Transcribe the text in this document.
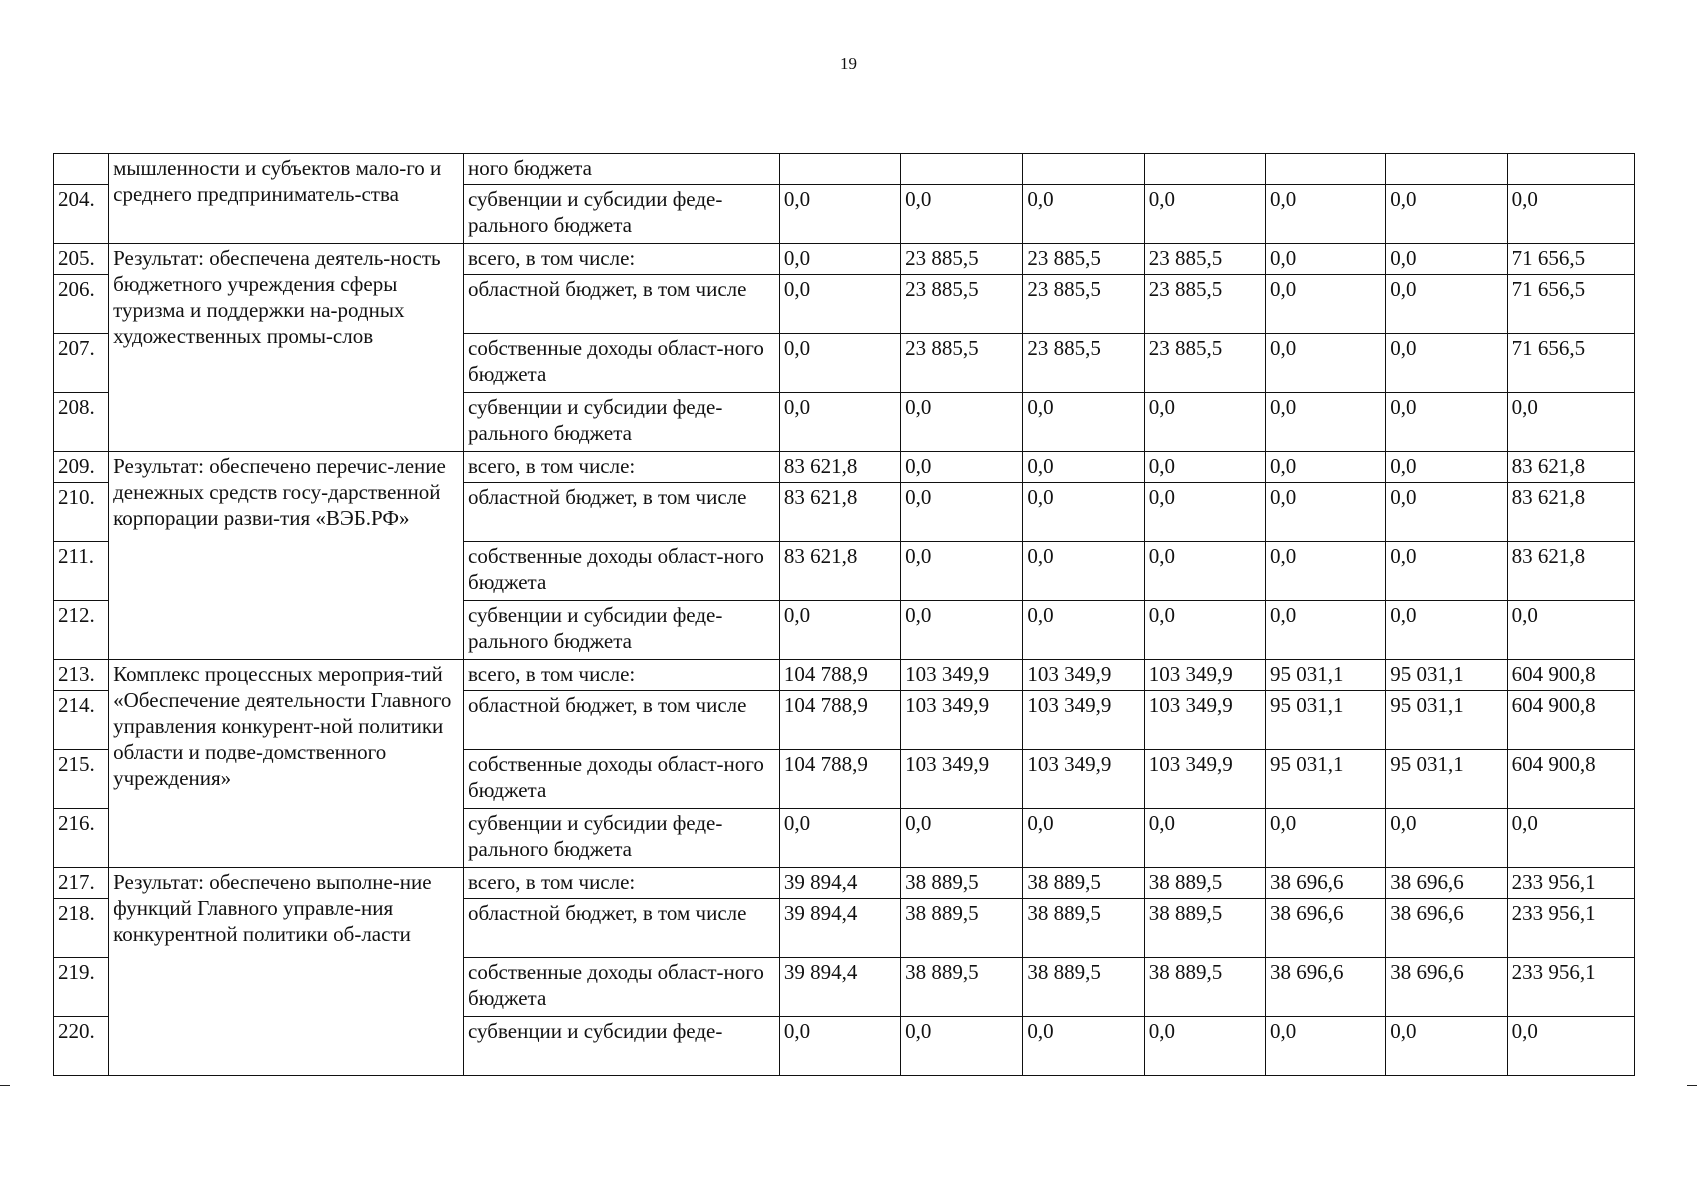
19
	мышленности и субъектов мало-го и среднего предприниматель-ства	ного бюджета							
204.		субвенции и субсидии феде-рального бюджета	0,0	0,0	0,0	0,0	0,0	0,0	0,0
205.	Результат: обеспечена деятель-ность бюджетного учреждения сферы туризма и поддержки на-родных художественных промы-слов	всего, в том числе:	0,0	23 885,5	23 885,5	23 885,5	0,0	0,0	71 656,5
206.		областной бюджет, в том числе	0,0	23 885,5	23 885,5	23 885,5	0,0	0,0	71 656,5
207.		собственные доходы област-ного бюджета	0,0	23 885,5	23 885,5	23 885,5	0,0	0,0	71 656,5
208.		субвенции и субсидии феде-рального бюджета	0,0	0,0	0,0	0,0	0,0	0,0	0,0
209.	Результат: обеспечено перечис-ление денежных средств госу-дарственной корпорации разви-тия «ВЭБ.РФ»	всего, в том числе:	83 621,8	0,0	0,0	0,0	0,0	0,0	83 621,8
210.		областной бюджет, в том числе	83 621,8	0,0	0,0	0,0	0,0	0,0	83 621,8
211.		собственные доходы област-ного бюджета	83 621,8	0,0	0,0	0,0	0,0	0,0	83 621,8
212.		субвенции и субсидии феде-рального бюджета	0,0	0,0	0,0	0,0	0,0	0,0	0,0
213.	Комплекс процессных мероприя-тий «Обеспечение деятельности Главного управления конкурент-ной политики области и подве-домственного учреждения»	всего, в том числе:	104 788,9	103 349,9	103 349,9	103 349,9	95 031,1	95 031,1	604 900,8
214.		областной бюджет, в том числе	104 788,9	103 349,9	103 349,9	103 349,9	95 031,1	95 031,1	604 900,8
215.		собственные доходы област-ного бюджета	104 788,9	103 349,9	103 349,9	103 349,9	95 031,1	95 031,1	604 900,8
216.		субвенции и субсидии феде-рального бюджета	0,0	0,0	0,0	0,0	0,0	0,0	0,0
217.	Результат: обеспечено выполне-ние функций Главного управле-ния конкурентной политики об-ласти	всего, в том числе:	39 894,4	38 889,5	38 889,5	38 889,5	38 696,6	38 696,6	233 956,1
218.		областной бюджет, в том числе	39 894,4	38 889,5	38 889,5	38 889,5	38 696,6	38 696,6	233 956,1
219.		собственные доходы област-ного бюджета	39 894,4	38 889,5	38 889,5	38 889,5	38 696,6	38 696,6	233 956,1
220.		субвенции и субсидии феде-	0,0	0,0	0,0	0,0	0,0	0,0	0,0
